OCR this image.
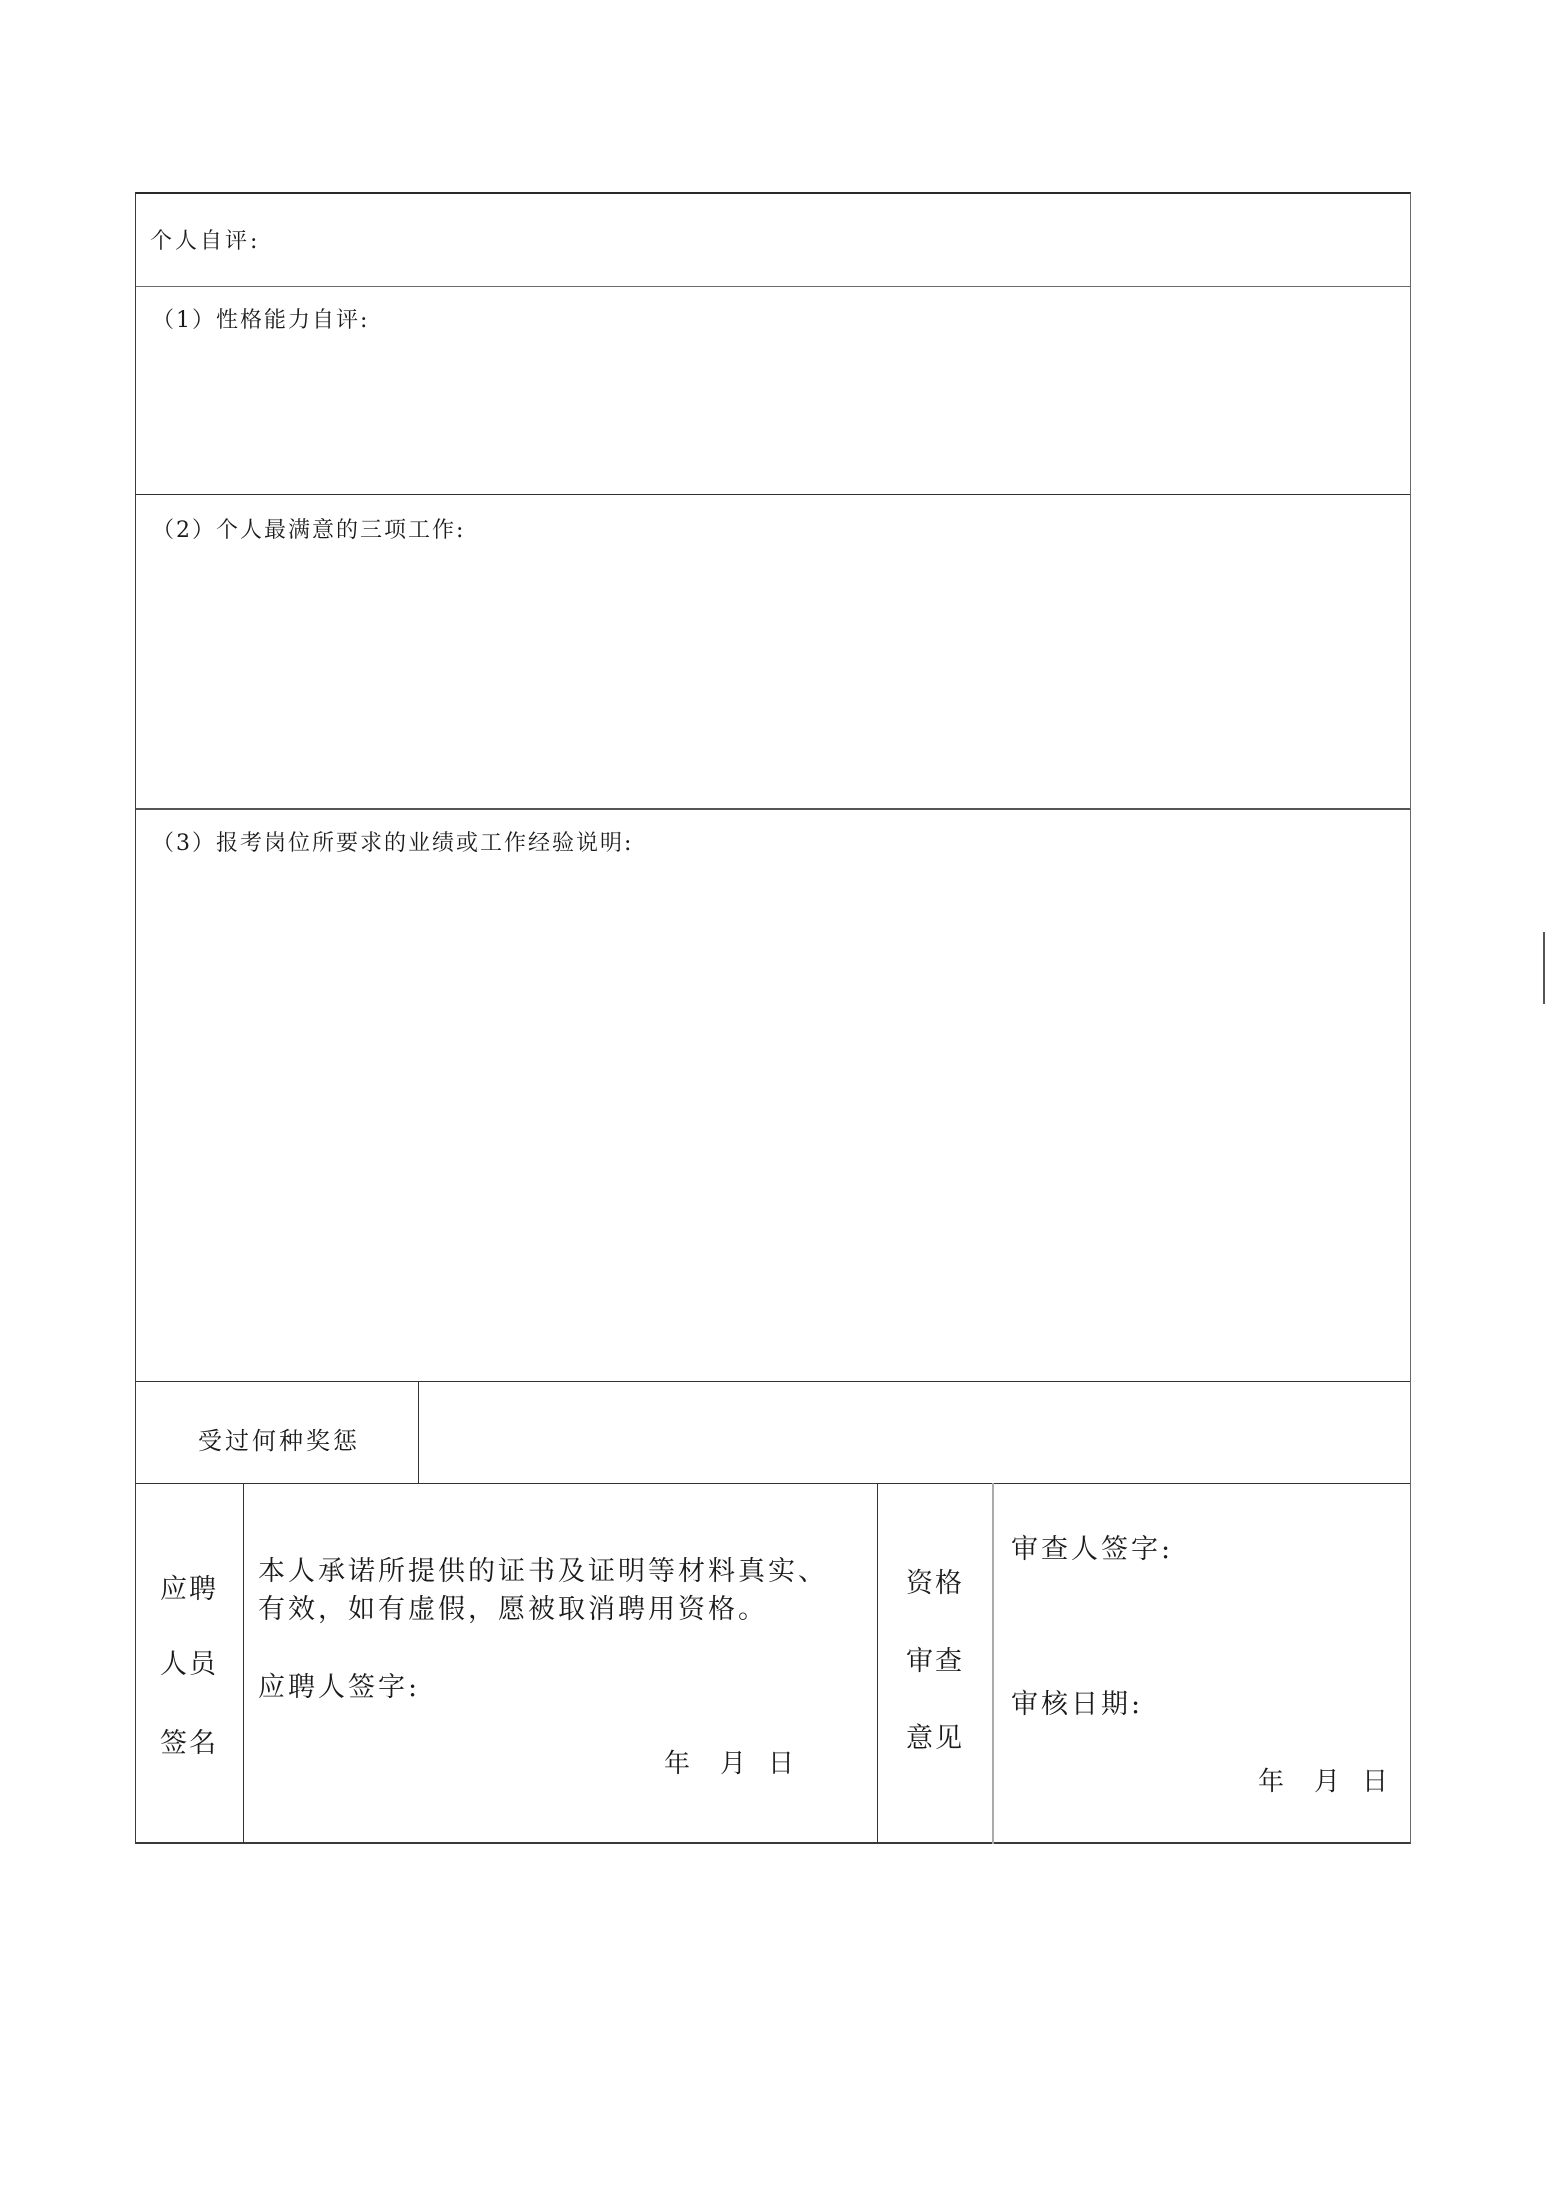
个人自评:
（1）性格能力自评:
（2）个人最满意的三项工作:
（3）报考岗位所要求的业绩或工作经验说明:
受过何种奖惩
应聘
人员
签名
本人承诺所提供的证书及证明等材料真实、
有效，如有虚假，愿被取消聘用资格。
应聘人签字:
年 月 日
资格
审查
意见
审查人签字:
审核日期:
年 月 日
